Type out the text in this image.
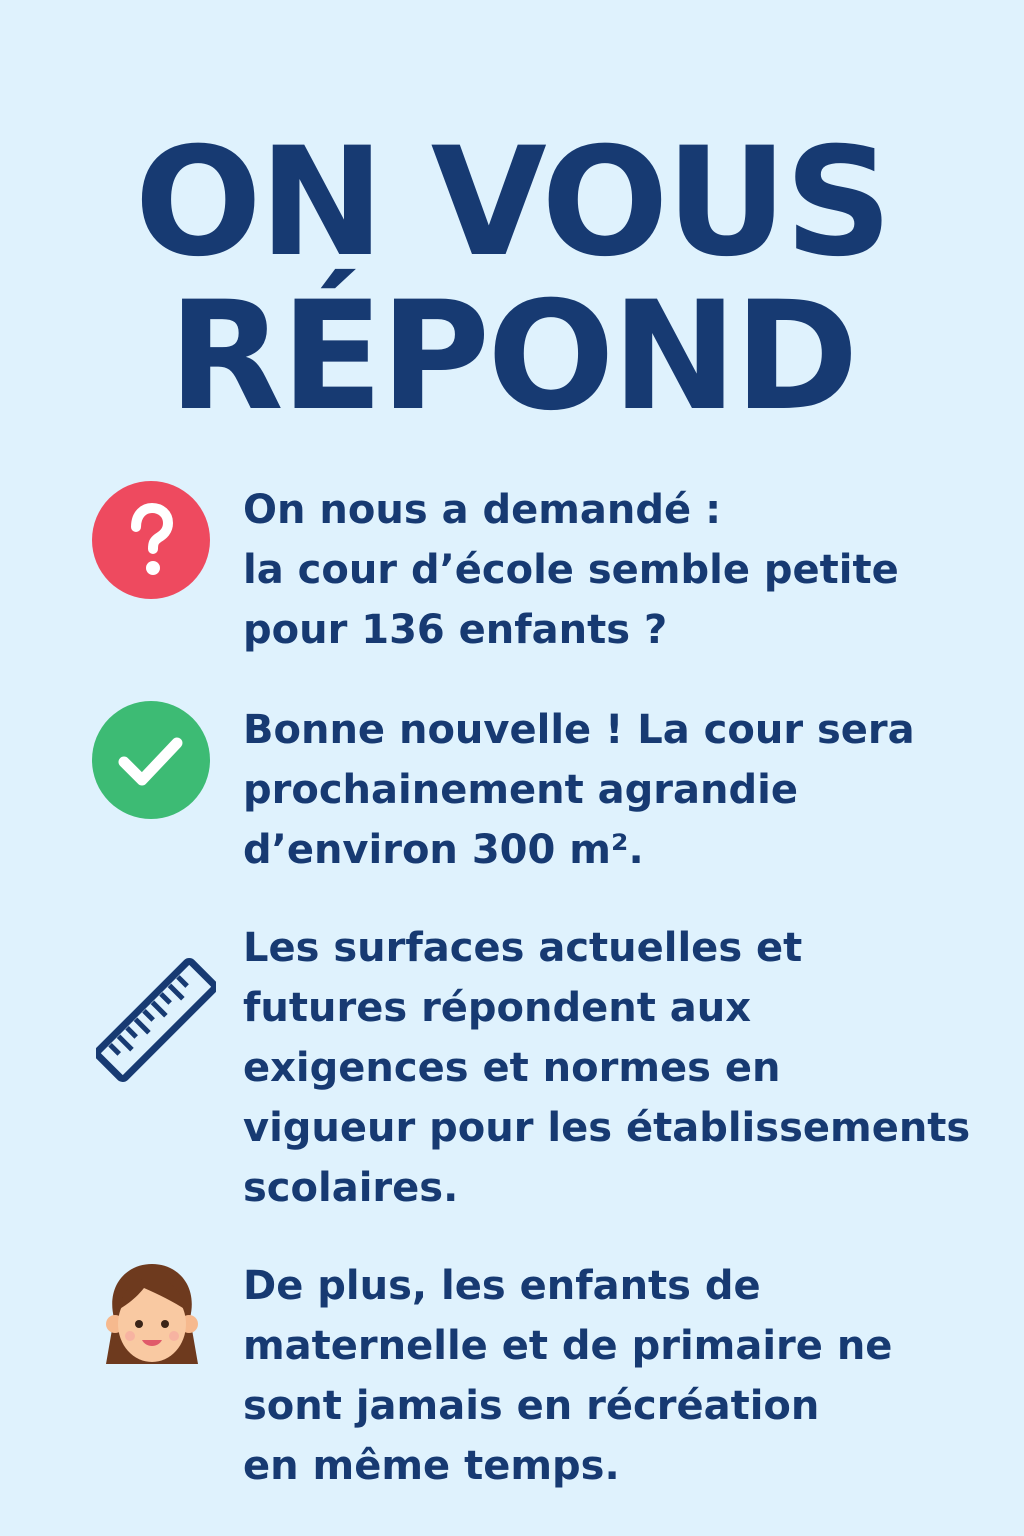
ON VOUS
RÉPOND

On nous a demandé :
la cour d’école semble petite
pour 136 enfants ?

Bonne nouvelle ! La cour sera
prochainement agrandie
d’environ 300 m².

Les surfaces actuelles et
futures répondent aux
exigences et normes en
vigueur pour les établissements
scolaires.

De plus, les enfants de
maternelle et de primaire ne
sont jamais en récréation
en même temps.
